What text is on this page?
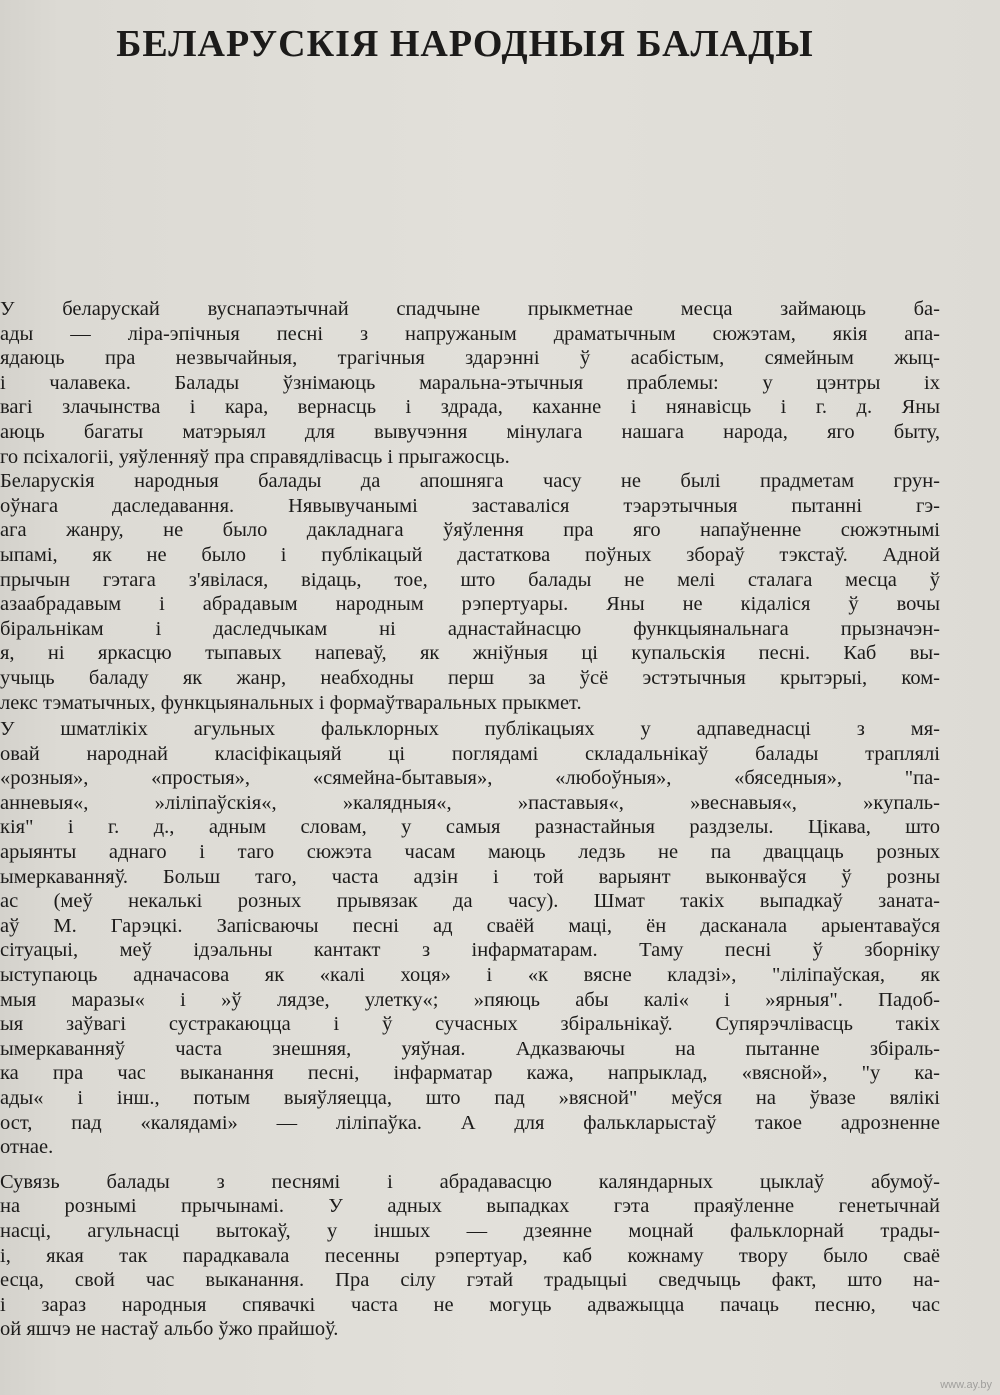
БЕЛАРУСКІЯ НАРОДНЫЯ БАЛАДЫ
У беларускай вуснапаэтычнай спадчыне прыкметнае месца займаюць ба-
ады — ліра-эпічныя песні з напружаным драматычным сюжэтам, якія апа-
ядаюць пра незвычайныя, трагічныя здарэнні ў асабістым, сямейным жыц-
і чалавека. Балады ўзнімаюць маральна-этычныя праблемы: у цэнтры іх
вагі злачынства і кара, вернасць і здрада, каханне і нянавісць і г. д. Яны
аюць багаты матэрыял для вывучэння мінулага нашага народа, яго быту,
го псіхалогіі, уяўленняў пра справядлівасць і прыгажосць.
Беларускія народныя балады да апошняга часу не былі прадметам грун-
оўнага даследавання. Нявывучанымі заставаліся тэарэтычныя пытанні гэ-
ага жанру, не было дакладнага ўяўлення пра яго напаўненне сюжэтнымі
ыпамі, як не было і публікацый дастаткова поўных збораў тэкстаў. Адной
прычын гэтага з'явілася, відаць, тое, што балады не мелі сталага месца ў
азаабрадавым і абрадавым народным рэпертуары. Яны не кідаліся ў вочы
біральнікам і даследчыкам ні аднастайнасцю функцыянальнага прызначэн-
я, ні яркасцю тыпавых напеваў, як жніўныя ці купальскія песні. Каб вы-
учыць баладу як жанр, неабходны перш за ўсё эстэтычныя крытэрыі, ком-
лекс тэматычных, функцыянальных і формаўтваральных прыкмет.
У шматлікіх агульных фальклорных публікацыях у адпаведнасці з мя-
овай народнай класіфікацыяй ці поглядамі складальнікаў балады траплялі
«розныя», «простыя», «сямейна-бытавыя», «любоўныя», «бяседныя», "па-
анневыя«, »ліліпаўскія«, »калядныя«, »паставыя«, »веснавыя«, »купаль-
кія" і г. д., адным словам, у самыя разнастайныя раздзелы. Цікава, што
арыянты аднаго і таго сюжэта часам маюць ледзь не па дваццаць розных
ымеркаванняў. Больш таго, часта адзін і той варыянт выконваўся ў розны
ас (меў некалькі розных прывязак да часу). Шмат такіх выпадкаў заната-
аў М. Гарэцкі. Запісваючы песні ад сваёй маці, ён дасканала арыентаваўся
сітуацыі, меў ідэальны кантакт з інфарматарам. Таму песні ў зборніку
ыступаюць адначасова як «калі хоця» і «к вясне кладзі», "ліліпаўская, як
мыя маразы« і »ў лядзе, улетку«; »пяюць абы калі« і »ярныя". Падоб-
ыя заўвагі сустракаюцца і ў сучасных збіральнікаў. Супярэчлівасць такіх
ымеркаванняў часта знешняя, уяўная. Адказваючы на пытанне збіраль-
ка пра час выканання песні, інфарматар кажа, напрыклад, «вясной», "у ка-
ады« і інш., потым выяўляецца, што пад »вясной" меўся на ўвазе вялікі
ост, пад «калядамі» — ліліпаўка. А для фалькларыстаў такое адрозненне
отнае.
Сувязь балады з песнямі і абрадавасцю каляндарных цыклаў абумоў-
на рознымі прычынамі. У адных выпадках гэта праяўленне генетычнай
насці, агульнасці вытокаў, у іншых — дзеянне моцнай фальклорнай трады-
і, якая так парадкавала песенны рэпертуар, каб кожнаму твору было сваё
есца, свой час выканання. Пра сілу гэтай традыцыі сведчыць факт, што на-
і зараз народныя спявачкі часта не могуць адважыцца пачаць песню, час
ой яшчэ не настаў альбо ўжо прайшоў.
www.ay.by
